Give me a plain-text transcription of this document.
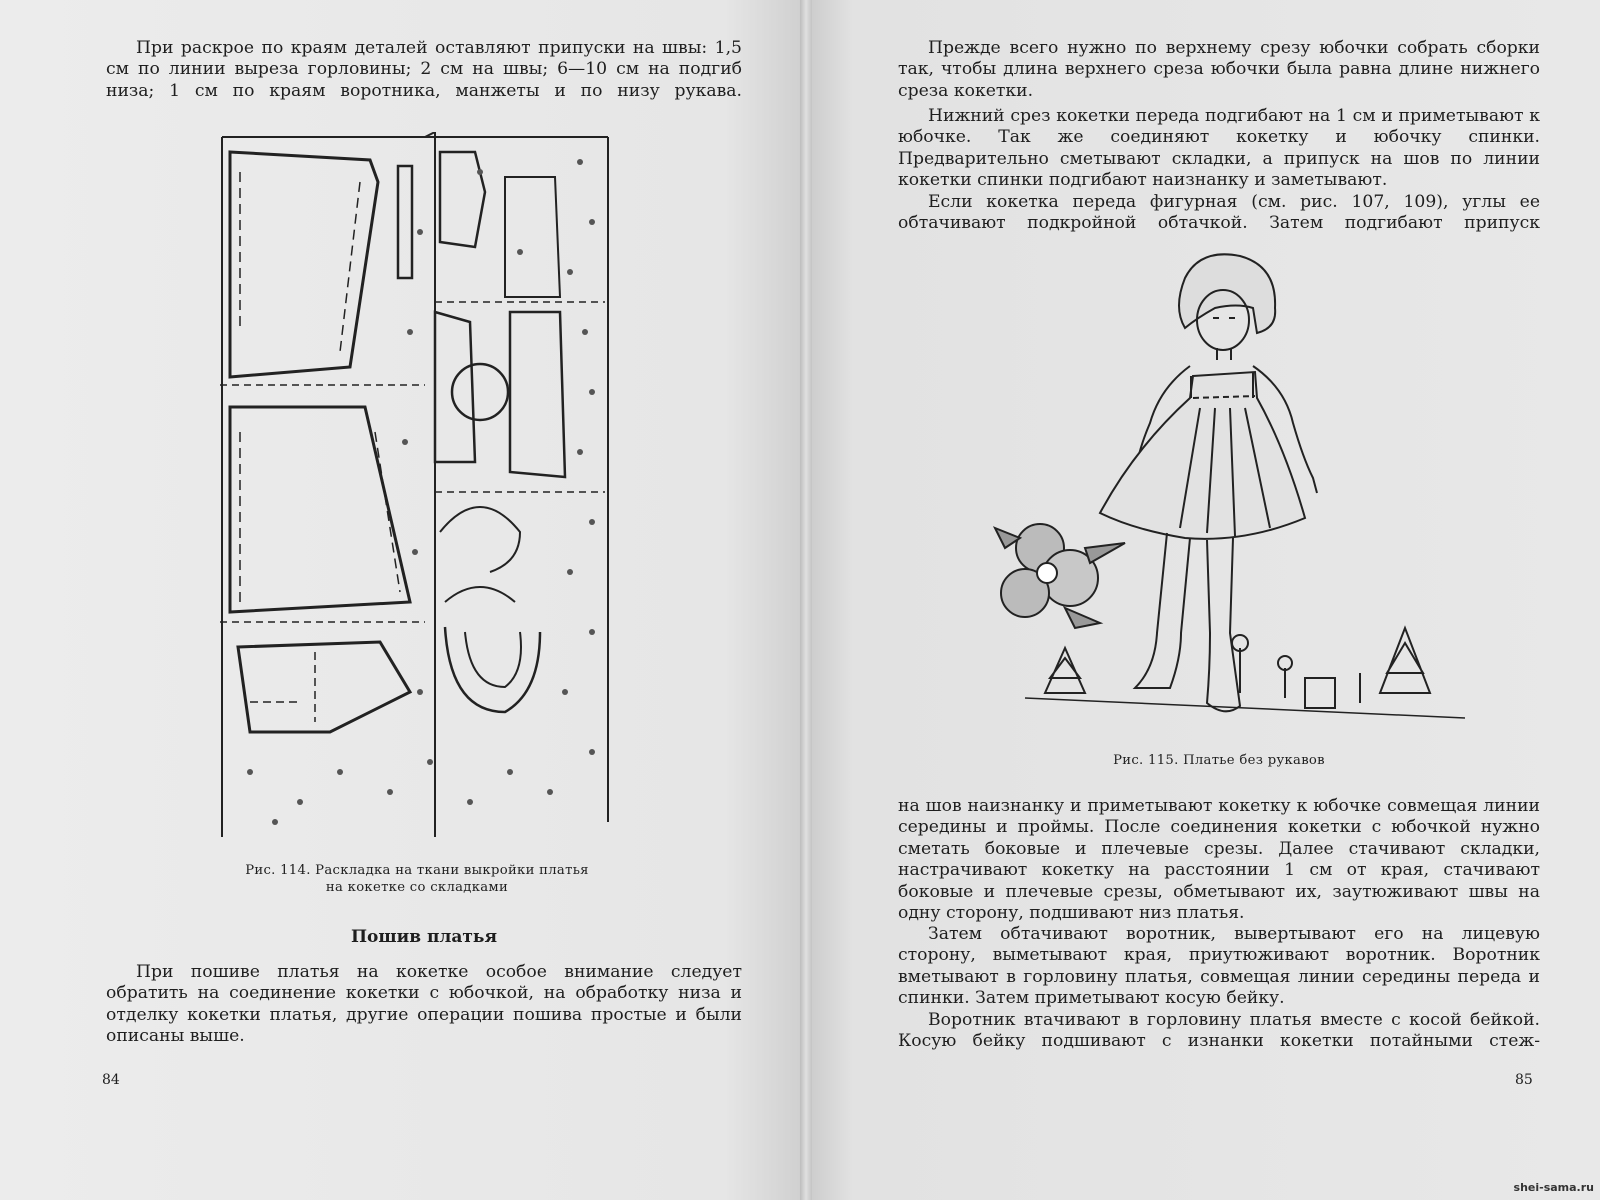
При раскрое по краям деталей оставляют припуски на швы: 1,5 см по линии выреза горловины; 2 см на швы; 6—10 см на подгиб низа; 1 см по краям воротника, манжеты и по низу рукава.

Рис. 114. Раскладка на ткани выкройки платья
на кокетке со складками
Пошив платья

При пошиве платья на кокетке особое внимание следует обратить на соединение кокетки с юбочкой, на обработку низа и отделку кокетки платья, другие операции пошива простые и были описаны выше.

84

Прежде всего нужно по верхнему срезу юбочки собрать сборки так, чтобы длина верхнего среза юбочки была равна длине нижнего среза кокетки.

Нижний срез кокетки переда подгибают на 1 см и приметывают к юбочке. Так же соединяют кокетку и юбочку спинки. Предварительно сметывают складки, а припуск на шов по линии кокетки спинки подгибают наизнанку и заметывают.

Если кокетка переда фигурная (см. рис. 107, 109), углы ее обтачивают подкройной обтачкой. Затем подгибают припуск

Рис. 115. Платье без рукавов

на шов наизнанку и приметывают кокетку к юбочке совмещая линии середины и проймы. После соединения кокетки с юбочкой нужно сметать боковые и плечевые срезы. Далее стачивают складки, настрачивают кокетку на расстоянии 1 см от края, стачивают боковые и плечевые срезы, обметывают их, заутюживают швы на одну сторону, подшивают низ платья.

Затем обтачивают воротник, вывертывают его на лицевую сторону, выметывают края, приутюживают воротник. Воротник вметывают в горловину платья, совмещая линии середины переда и спинки. Затем приметывают косую бейку.

Воротник втачивают в горловину платья вместе с косой бейкой. Косую бейку подшивают с изнанки кокетки потайными стеж-

85
shei-sama.ru
